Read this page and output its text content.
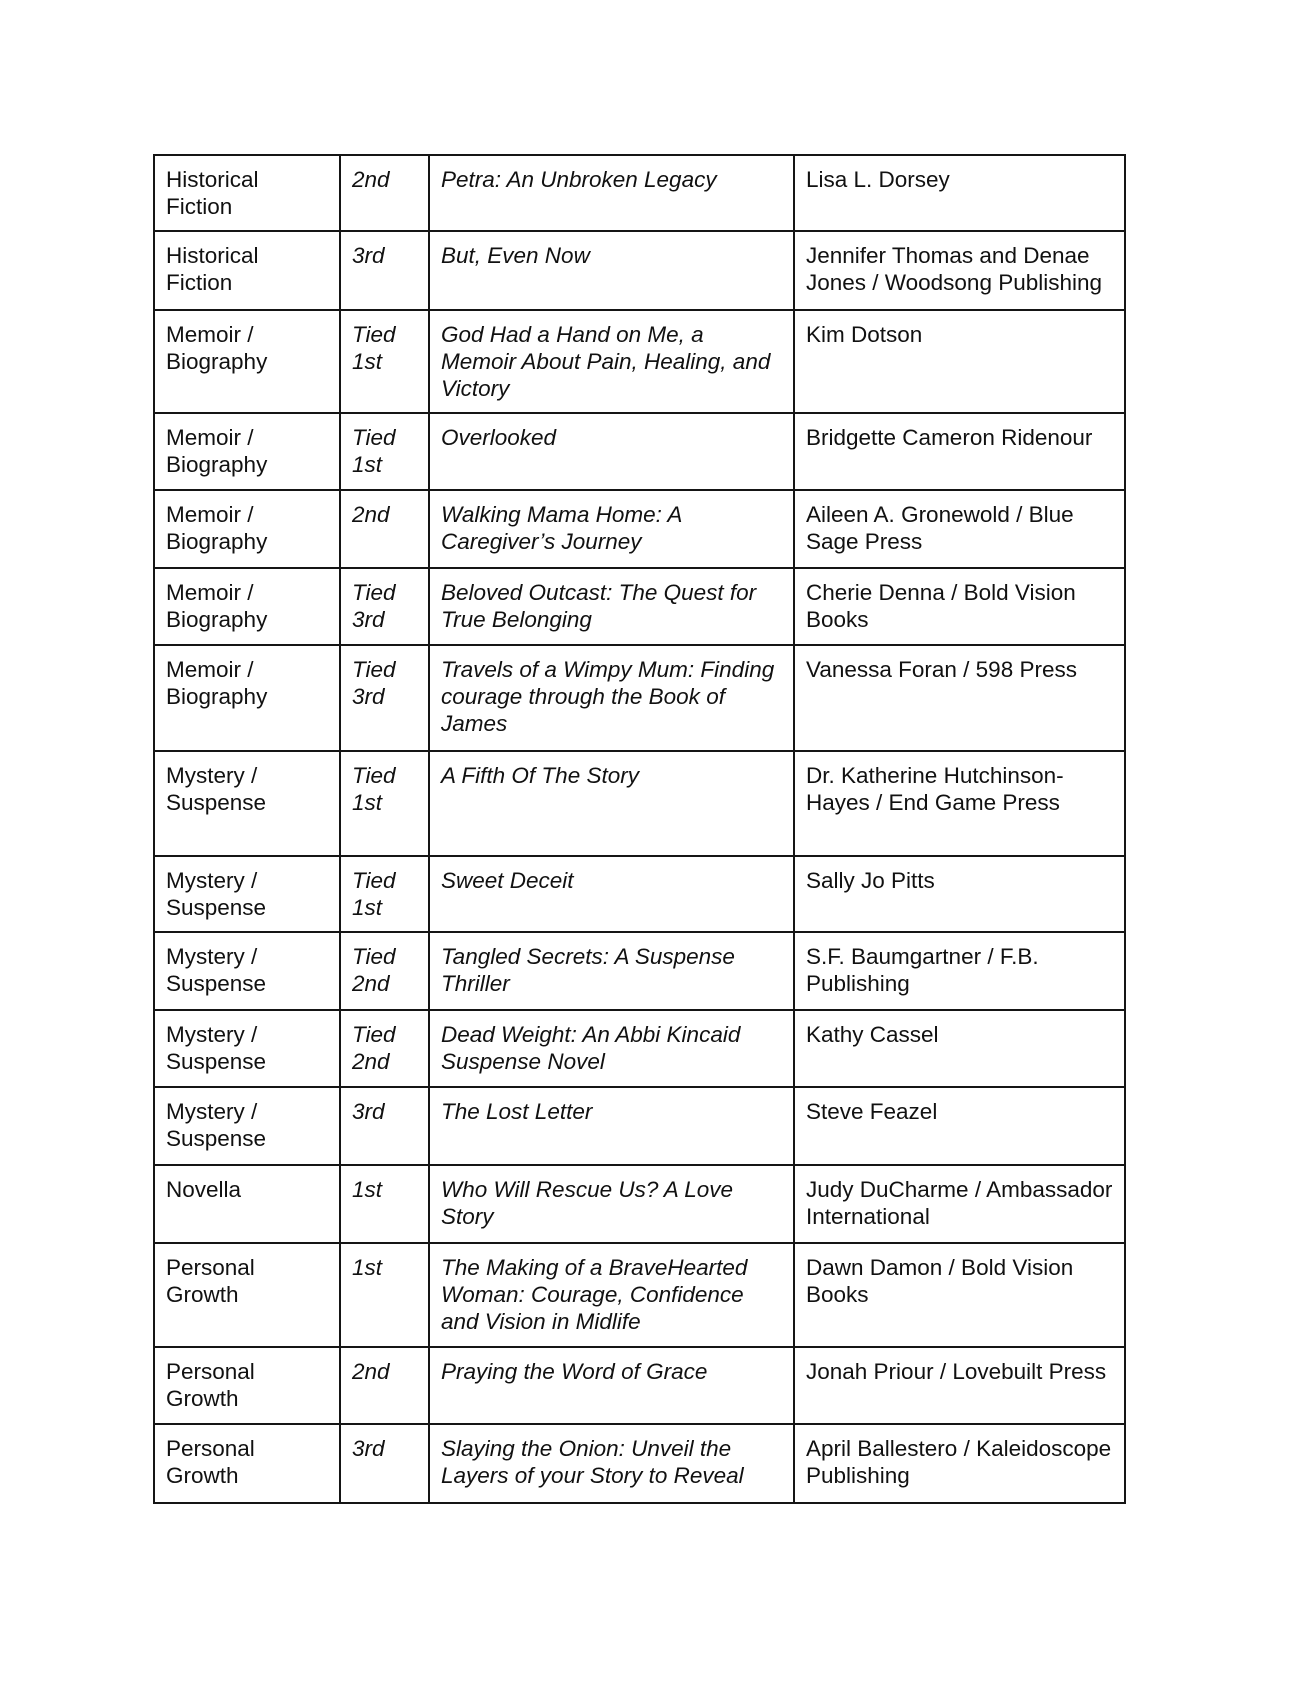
Historical Fiction	2nd	Petra: An Unbroken Legacy	Lisa L. Dorsey
Historical Fiction	3rd	But, Even Now	Jennifer Thomas and Denae Jones / Woodsong Publishing
Memoir / Biography	Tied 1st	God Had a Hand on Me, a Memoir About Pain, Healing, and Victory	Kim Dotson
Memoir / Biography	Tied 1st	Overlooked	Bridgette Cameron Ridenour
Memoir / Biography	2nd	Walking Mama Home: A Caregiver’s Journey	Aileen A. Gronewold / Blue Sage Press
Memoir / Biography	Tied 3rd	Beloved Outcast: The Quest for True Belonging	Cherie Denna / Bold Vision Books
Memoir / Biography	Tied 3rd	Travels of a Wimpy Mum: Finding courage through the Book of James	Vanessa Foran / 598 Press
Mystery / Suspense	Tied 1st	A Fifth Of The Story	Dr. Katherine Hutchinson-Hayes / End Game Press
Mystery / Suspense	Tied 1st	Sweet Deceit	Sally Jo Pitts
Mystery / Suspense	Tied 2nd	Tangled Secrets: A Suspense Thriller	S.F. Baumgartner / F.B. Publishing
Mystery / Suspense	Tied 2nd	Dead Weight: An Abbi Kincaid Suspense Novel	Kathy Cassel
Mystery / Suspense	3rd	The Lost Letter	Steve Feazel
Novella	1st	Who Will Rescue Us? A Love Story	Judy DuCharme / Ambassador International
Personal Growth	1st	The Making of a BraveHearted Woman: Courage, Confidence and Vision in Midlife	Dawn Damon / Bold Vision Books
Personal Growth	2nd	Praying the Word of Grace	Jonah Priour / Lovebuilt Press
Personal Growth	3rd	Slaying the Onion: Unveil the Layers of your Story to Reveal	April Ballestero / Kaleidoscope Publishing
